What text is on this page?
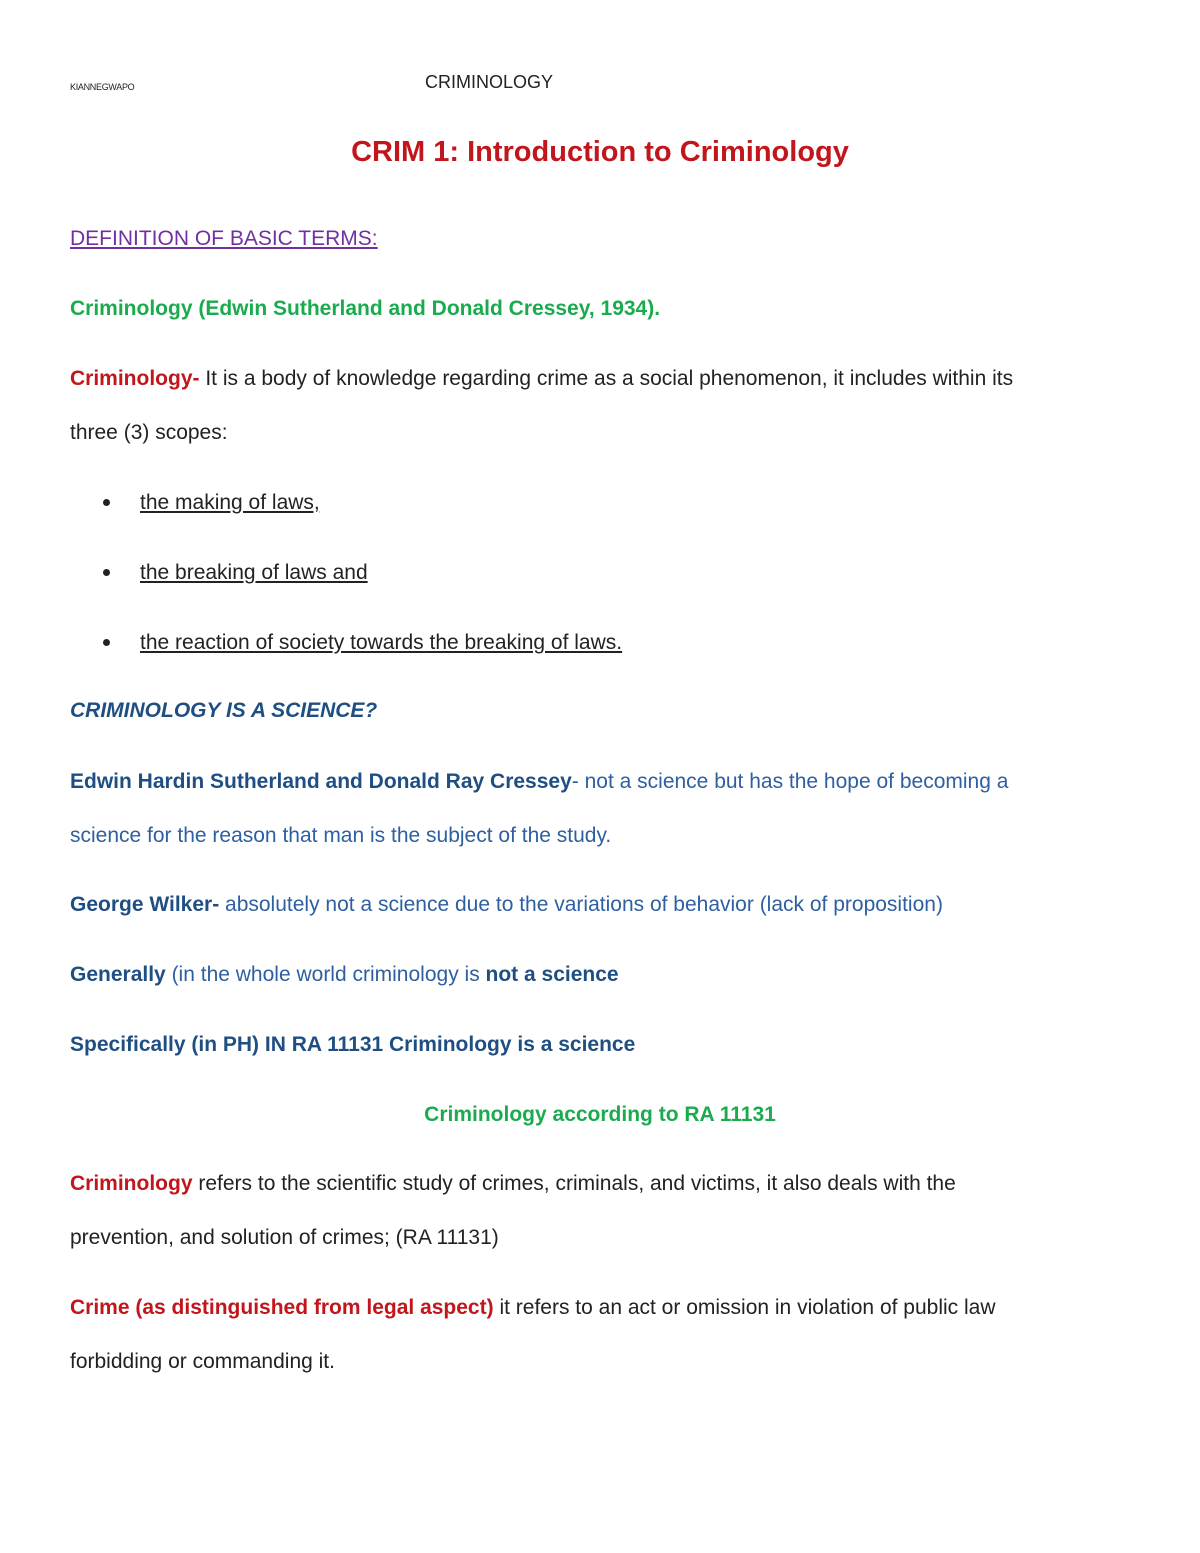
KIANNEGWAPO	CRIMINOLOGY
CRIM 1: Introduction to Criminology
DEFINITION OF BASIC TERMS:
Criminology (Edwin Sutherland and Donald Cressey, 1934).
Criminology- It is a body of knowledge regarding crime as a social phenomenon, it includes within its
three (3) scopes:
the making of laws,
the breaking of laws and
the reaction of society towards the breaking of laws.
CRIMINOLOGY IS A SCIENCE?
Edwin Hardin Sutherland and Donald Ray Cressey- not a science but has the hope of becoming a
science for the reason that man is the subject of the study.
George Wilker- absolutely not a science due to the variations of behavior (lack of proposition)
Generally (in the whole world criminology is not a science
Specifically (in PH) IN RA 11131 Criminology is a science
Criminology according to RA 11131
Criminology refers to the scientific study of crimes, criminals, and victims, it also deals with the
prevention, and solution of crimes; (RA 11131)
Crime (as distinguished from legal aspect) it refers to an act or omission in violation of public law
forbidding or commanding it.
